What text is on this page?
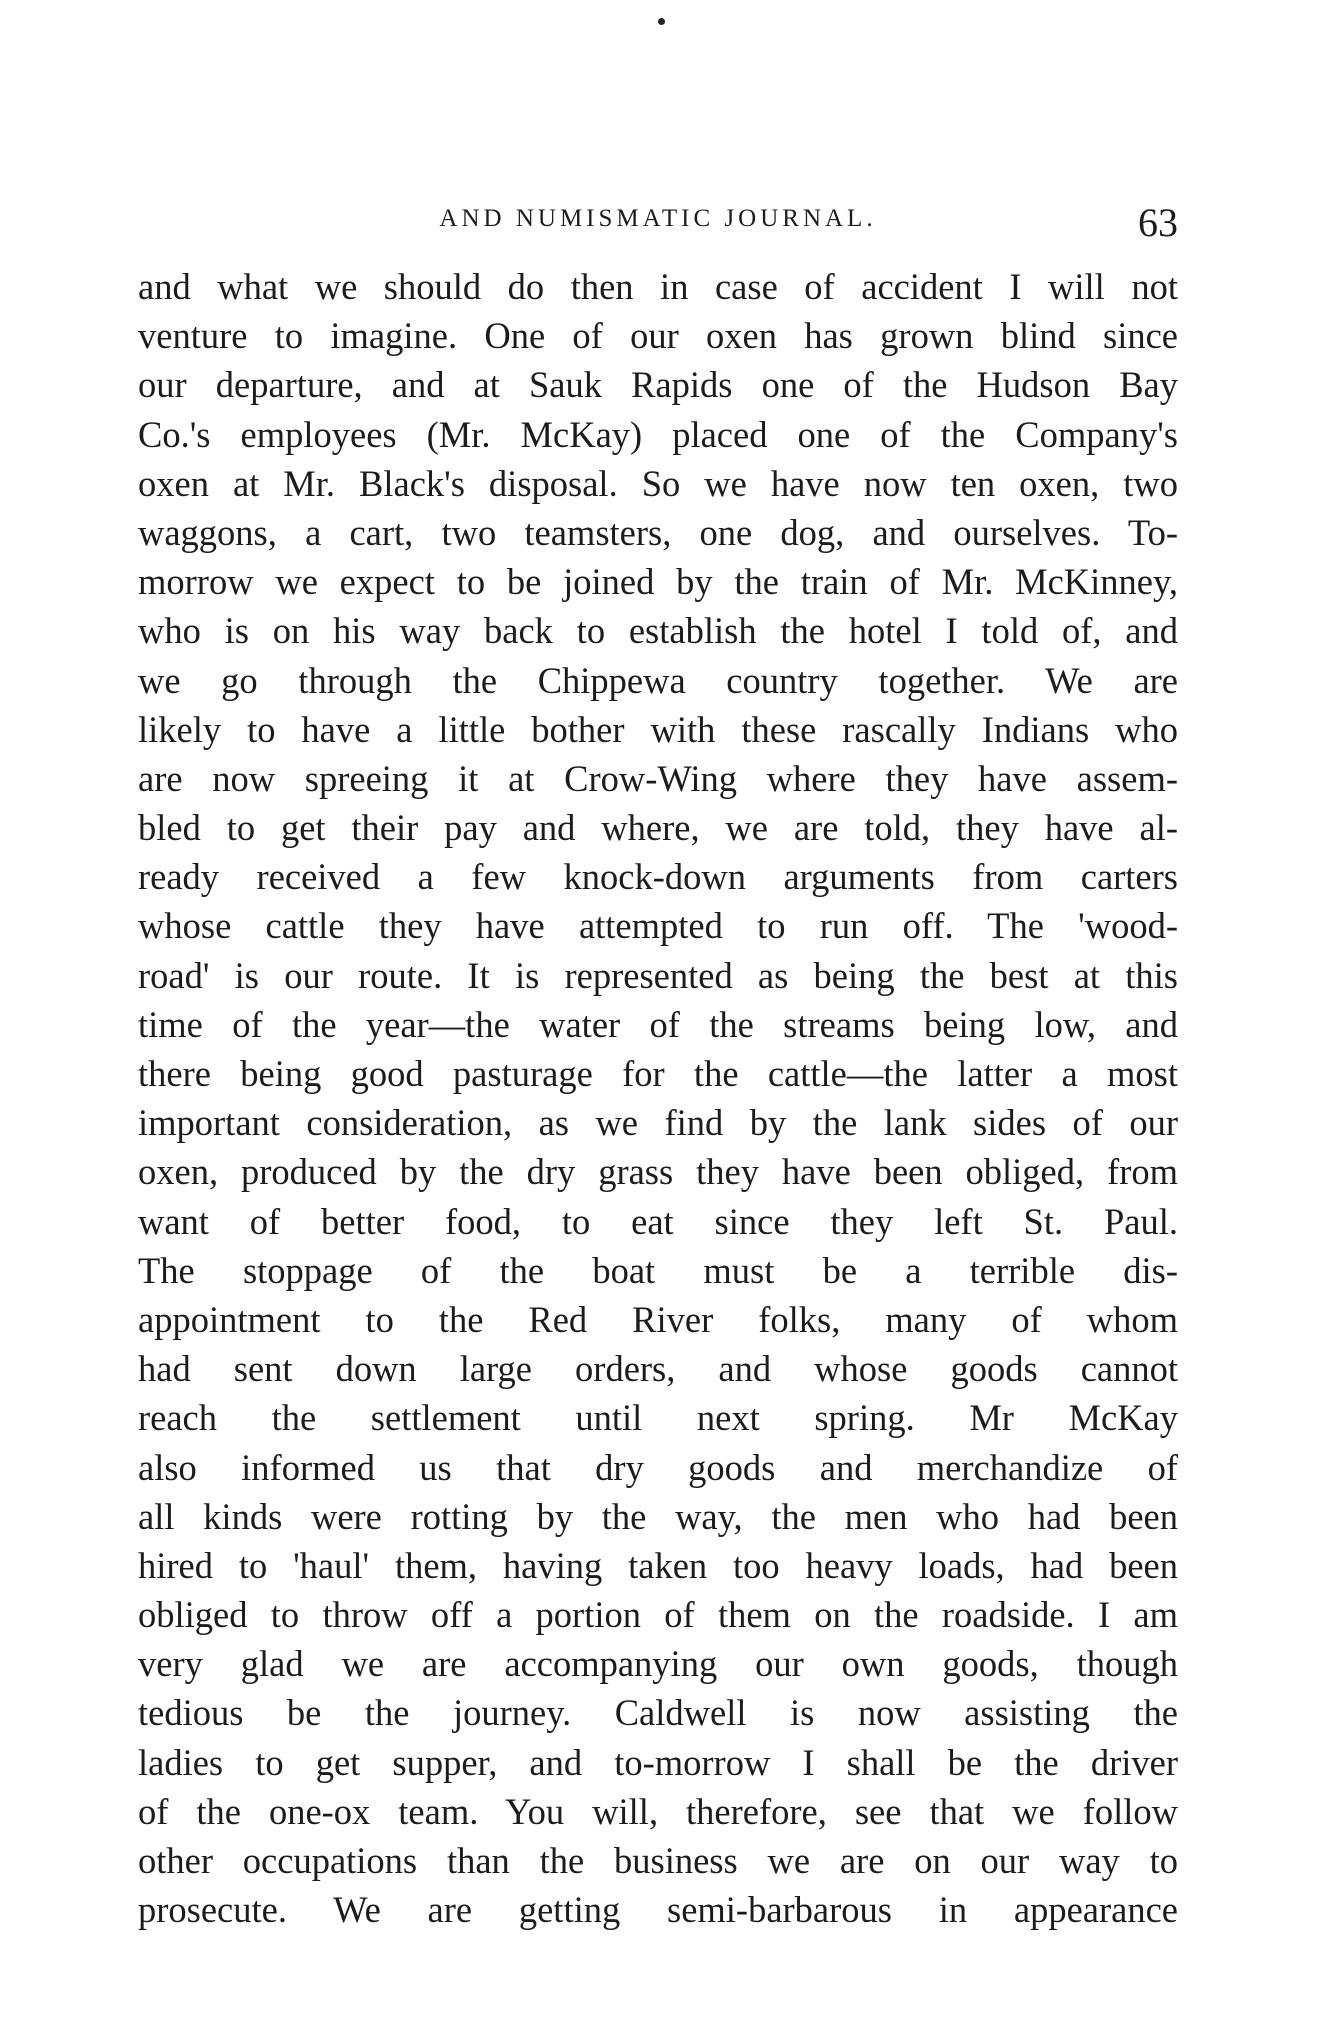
AND NUMISMATIC JOURNAL.	63
and what we should do then in case of accident I will not
venture to imagine. One of our oxen has grown blind since
our departure, and at Sauk Rapids one of the Hudson Bay
Co.'s employees (Mr. McKay) placed one of the Company's
oxen at Mr. Black's disposal. So we have now ten oxen, two
waggons, a cart, two teamsters, one dog, and ourselves. To-
morrow we expect to be joined by the train of Mr. McKinney,
who is on his way back to establish the hotel I told of, and
we go through the Chippewa country together. We are
likely to have a little bother with these rascally Indians who
are now spreeing it at Crow-Wing where they have assem-
bled to get their pay and where, we are told, they have al-
ready received a few knock-down arguments from carters
whose cattle they have attempted to run off. The 'wood-
road' is our route. It is represented as being the best at this
time of the year—the water of the streams being low, and
there being good pasturage for the cattle—the latter a most
important consideration, as we find by the lank sides of our
oxen, produced by the dry grass they have been obliged, from
want of better food, to eat since they left St. Paul.
The stoppage of the boat must be a terrible dis-
appointment to the Red River folks, many of whom
had sent down large orders, and whose goods cannot
reach the settlement until next spring. Mr McKay
also informed us that dry goods and merchandize of
all kinds were rotting by the way, the men who had been
hired to 'haul' them, having taken too heavy loads, had been
obliged to throw off a portion of them on the roadside. I am
very glad we are accompanying our own goods, though
tedious be the journey. Caldwell is now assisting the
ladies to get supper, and to-morrow I shall be the driver
of the one-ox team. You will, therefore, see that we follow
other occupations than the business we are on our way to
prosecute. We are getting semi-barbarous in appearance
